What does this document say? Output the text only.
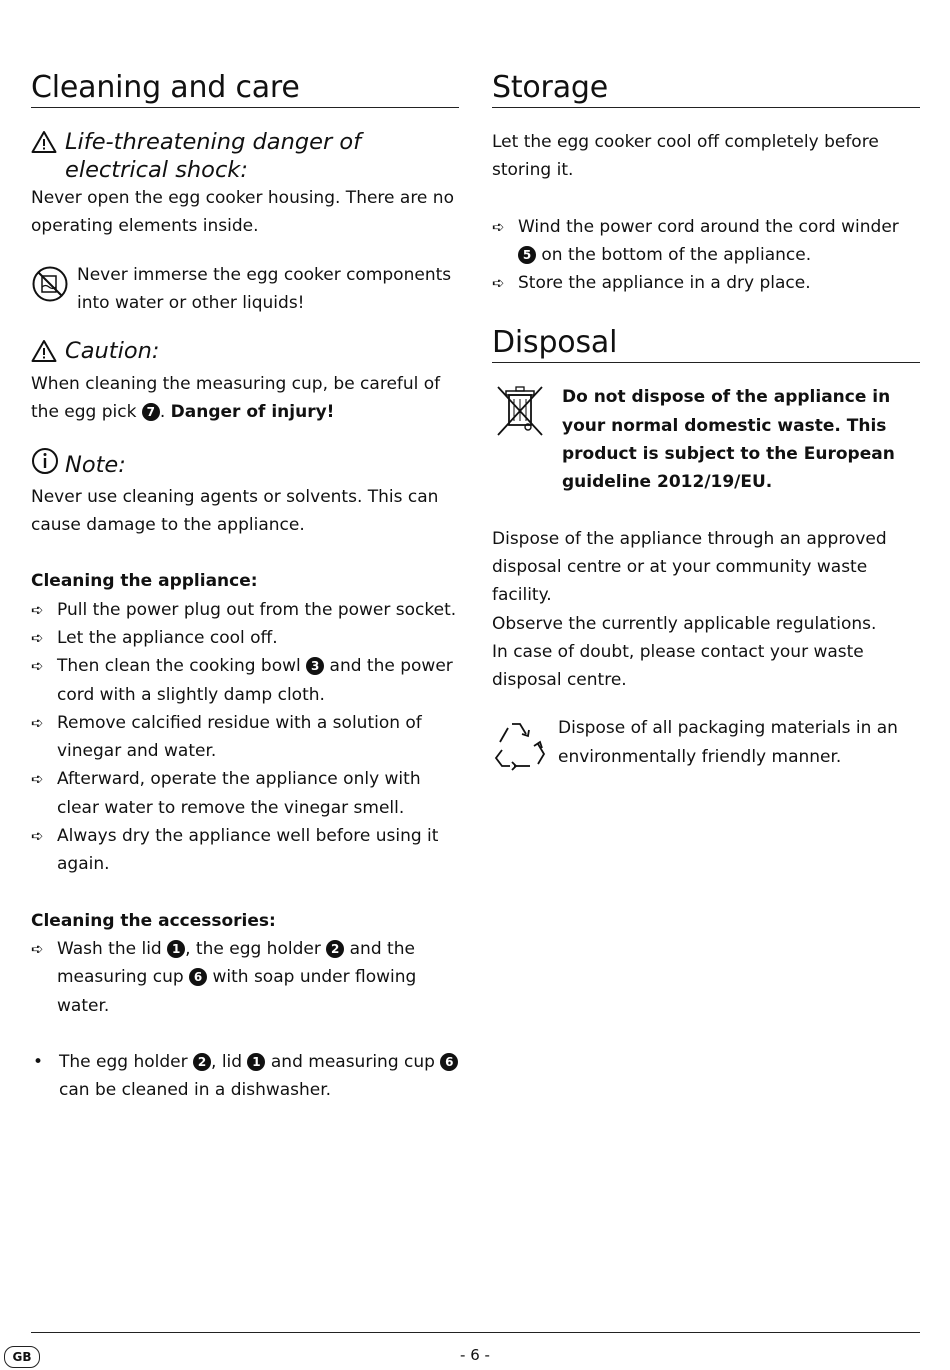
Cleaning and care
Life-threatening danger of electrical shock:

Never open the egg cooker housing. There are no operating elements inside.

Never immerse the egg cooker components into water or other liquids!

Caution:

When cleaning the measuring cup, be careful of the egg pick 7 . Danger of injury!

Note:

Never use cleaning agents or solvents. This can cause damage to the appliance.

Cleaning the appliance:

➪ Pull the power plug out from the power socket.
➪ Let the appliance cool off.
➪ Then clean the cooking bowl 3 and the power cord with a slightly damp cloth.
➪ Remove calcified residue with a solution of vinegar and water.
➪ Afterward, operate the appliance only with clear water to remove the vinegar smell.
➪ Always dry the appliance well before using it again.

Cleaning the accessories:

➪ Wash the lid 1 , the egg holder 2 and the measuring cup 6 with soap under flowing water.
• The egg holder 2 , lid 1 and measuring cup 6 can be cleaned in a dishwasher.
Storage

Let the egg cooker cool off completely before storing it.

➪ Wind the power cord around the cord winder 5 on the bottom of the appliance.
➪ Store the appliance in a dry place.
Disposal

Do not dispose of the appliance in your normal domestic waste. This product is subject to the European guideline 2012/19/EU.

Dispose of the appliance through an approved disposal centre or at your community waste facility.

Observe the currently applicable regulations.

In case of doubt, please contact your waste disposal centre.

Dispose of all packaging materials in an environmentally friendly manner.

GB	- 6 -
